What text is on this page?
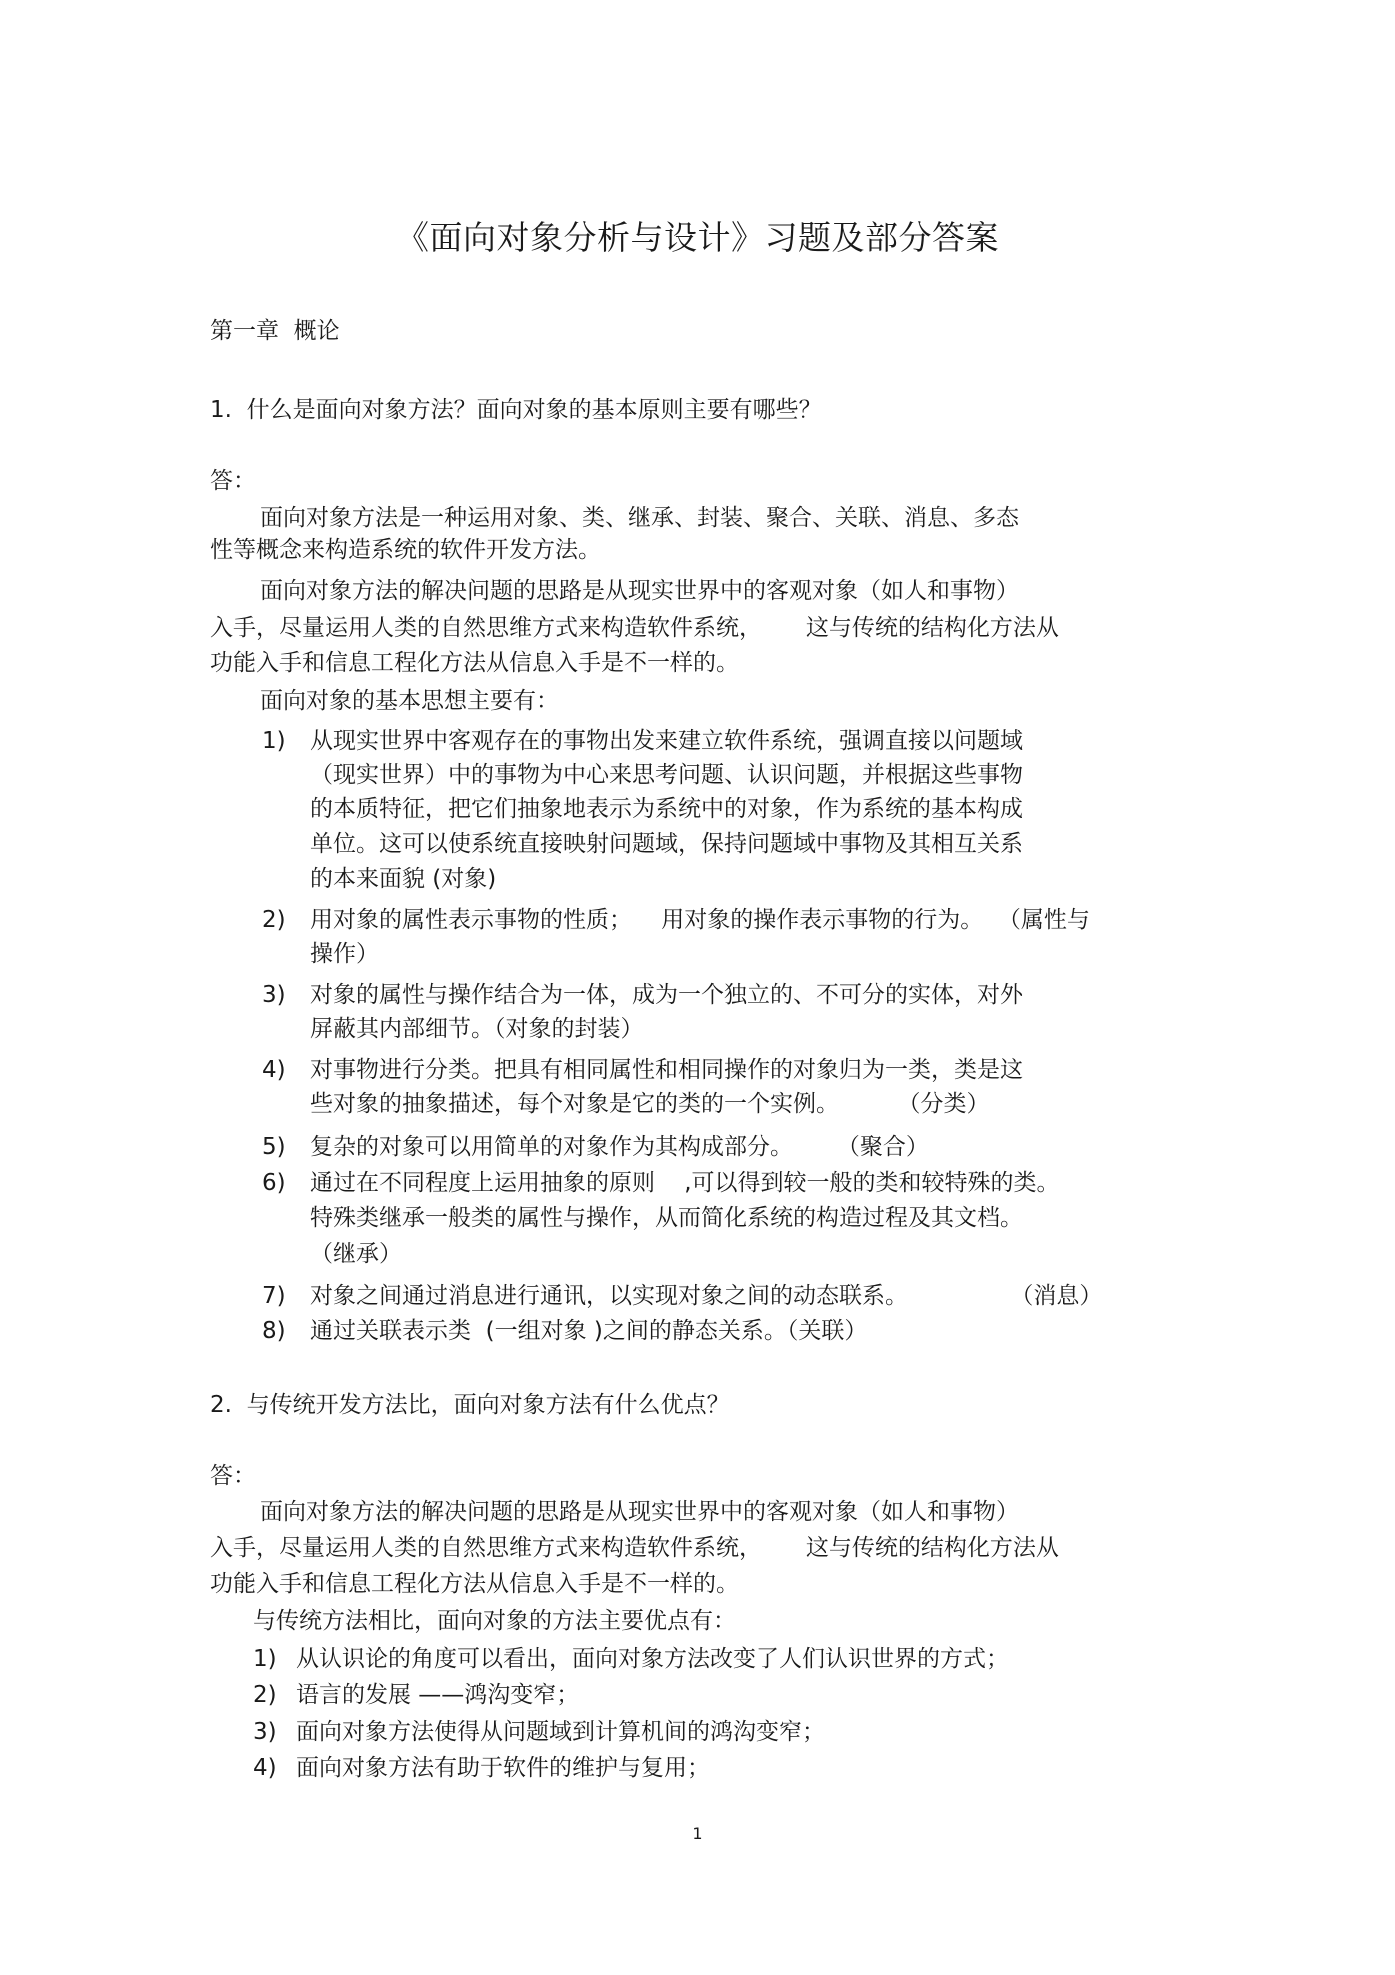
《面向对象分析与设计》习题及部分答案
第一章  概论
1.  什么是面向对象方法？面向对象的基本原则主要有哪些？
答：
面向对象方法是一种运用对象、类、继承、封装、聚合、关联、消息、多态
性等概念来构造系统的软件开发方法。
面向对象方法的解决问题的思路是从现实世界中的客观对象（如人和事物）
入手，尽量运用人类的自然思维方式来构造软件系统，      这与传统的结构化方法从
功能入手和信息工程化方法从信息入手是不一样的。
面向对象的基本思想主要有：
1) 从现实世界中客观存在的事物出发来建立软件系统，强调直接以问题域
（现实世界）中的事物为中心来思考问题、认识问题，并根据这些事物
的本质特征，把它们抽象地表示为系统中的对象，作为系统的基本构成
单位。这可以使系统直接映射问题域，保持问题域中事物及其相互关系
的本来面貌 (对象)
2) 用对象的属性表示事物的性质；    用对象的操作表示事物的行为。  （属性与
操作）
3) 对象的属性与操作结合为一体，成为一个独立的、不可分的实体，对外
屏蔽其内部细节。（对象的封装）
4) 对事物进行分类。把具有相同属性和相同操作的对象归为一类，类是这
些对象的抽象描述，每个对象是它的类的一个实例。        （分类）
5) 复杂的对象可以用简单的对象作为其构成部分。      （聚合）
6) 通过在不同程度上运用抽象的原则    ,可以得到较一般的类和较特殊的类。
特殊类继承一般类的属性与操作，从而简化系统的构造过程及其文档。
（继承）
7) 对象之间通过消息进行通讯，以实现对象之间的动态联系。              （消息）
8) 通过关联表示类  (一组对象 )之间的静态关系。（关联）
2.  与传统开发方法比，面向对象方法有什么优点？
答：
面向对象方法的解决问题的思路是从现实世界中的客观对象（如人和事物）
入手，尽量运用人类的自然思维方式来构造软件系统，      这与传统的结构化方法从
功能入手和信息工程化方法从信息入手是不一样的。
与传统方法相比，面向对象的方法主要优点有：
1) 从认识论的角度可以看出，面向对象方法改变了人们认识世界的方式；
2) 语言的发展 ——鸿沟变窄；
3) 面向对象方法使得从问题域到计算机间的鸿沟变窄；
4) 面向对象方法有助于软件的维护与复用；
1
